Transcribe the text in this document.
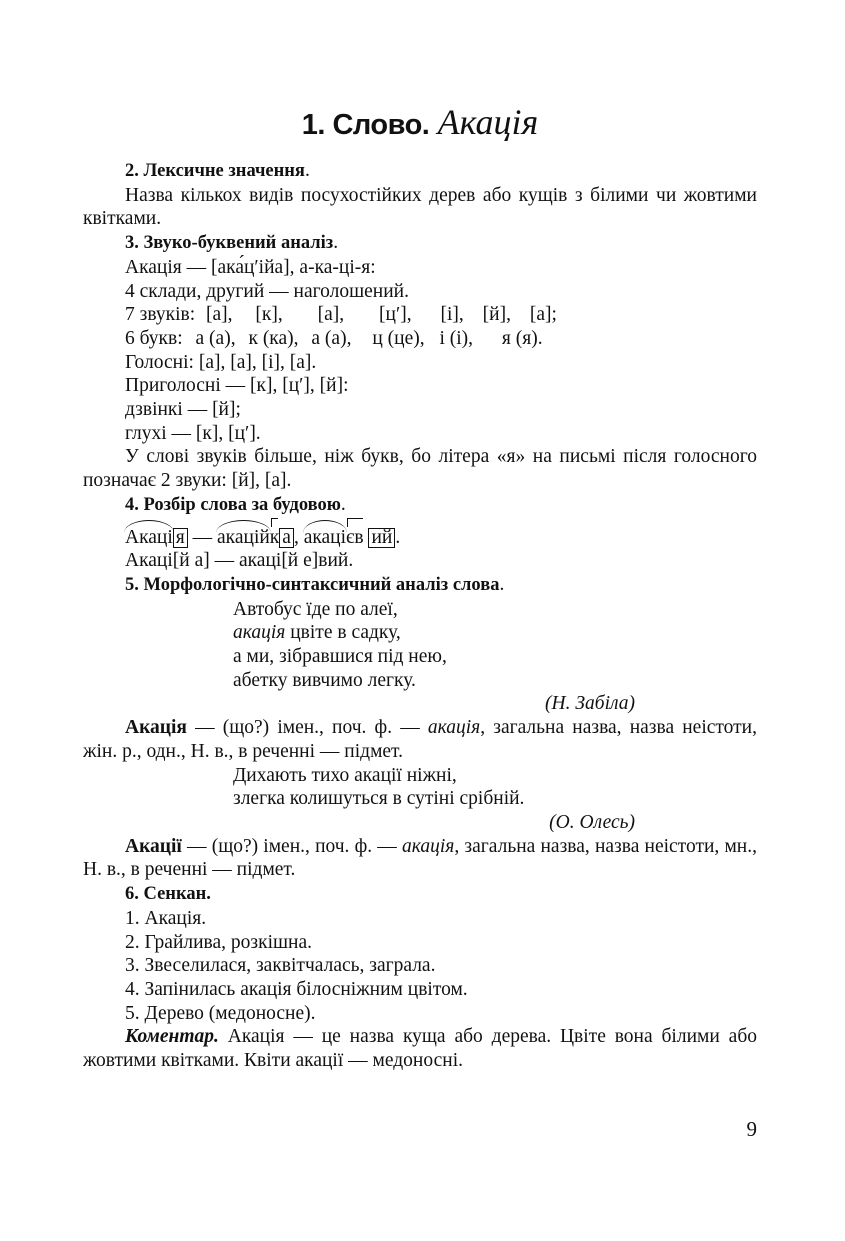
1. Слово. Акація
2. Лексичне значення.
Назва кількох видів посухостійких дерев або кущів з білими чи жовтими квітками.
3. Звуко-буквений аналіз.
Акація — [ака́ц′ійа], а-ка-ці-я:
4 склади, другий — наголошений.
7 звуків: [а], [к], [а], [ц′], [і], [й], [а];
6 букв: а (а), к (ка), а (а), ц (це), і (і), я (я).
Голосні: [а], [а], [і], [а].
Приголосні — [к], [ц′], [й]:
дзвінкі — [й];
глухі — [к], [ц′].
У слові звуків більше, ніж букв, бо літера «я» на письмі після голосного позначає 2 звуки: [й], [а].
4. Розбір слова за будовою.
Акаці я — акаційк а , акацієв ий .
Акаці[й а] — акаці[й е]вий.
5. Морфологічно-синтаксичний аналіз слова.
Автобус їде по алеї,
акація цвіте в садку,
а ми, зібравшися під нею,
абетку вивчимо легку.
(Н. Забіла)
Акація — (що?) імен., поч. ф. — акація, загальна назва, назва неістоти, жін. р., одн., Н. в., в реченні — підмет.
Дихають тихо акації ніжні,
злегка колишуться в сутіні срібній.
(О. Олесь)
Акації — (що?) імен., поч. ф. — акація, загальна назва, назва неістоти, мн., Н. в., в реченні — підмет.
6. Сенкан.
1. Акація.
2. Грайлива, розкішна.
3. Звеселилася, заквітчалась, заграла.
4. Запінилась акація білосніжним цвітом.
5. Дерево (медоносне).
Коментар. Акація — це назва куща або дерева. Цвіте вона білими або жовтими квітками. Квіти акації — медоносні.
9
